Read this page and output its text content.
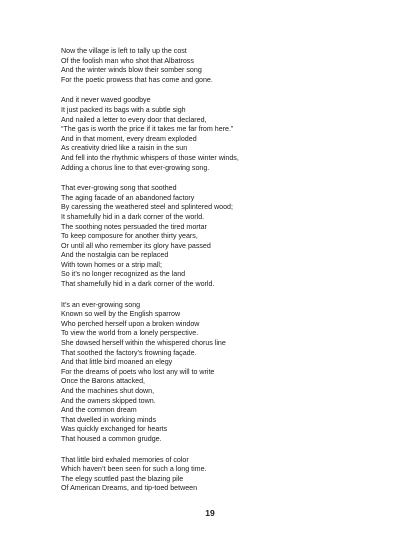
Now the village is left to tally up the cost
Of the foolish man who shot that Albatross
And the winter winds blow their somber song
For the poetic prowess that has come and gone.
And it never waved goodbye
It just packed its bags with a subtle sigh
And nailed a letter to every door that declared,
“The gas is worth the price if it takes me far from here.”
And in that moment, every dream exploded
As creativity dried like a raisin in the sun
And fell into the rhythmic whispers of those winter winds,
Adding a chorus line to that ever-growing song.
That ever-growing song that soothed
The aging facade of an abandoned factory
By caressing the weathered steel and splintered wood;
It shamefully hid in a dark corner of the world.
The soothing notes persuaded the tired mortar
To keep composure for another thirty years,
Or until all who remember its glory have passed
And the nostalgia can be replaced
With town homes or a strip mall;
So it’s no longer recognized as the land
That shamefully hid in a dark corner of the world.
It’s an ever-growing song
Known so well by the English sparrow
Who perched herself upon a broken window
To view the world from a lonely perspective.
She dowsed herself within the whispered chorus line
That soothed the factory’s frowning façade.
And that little bird moaned an elegy
For the dreams of poets who lost any will to write
Once the Barons attacked,
And the machines shut down,
And the owners skipped town.
And the common dream
That dwelled in working minds
Was quickly exchanged for hearts
That housed a common grudge.
That little bird exhaled memories of color
Which haven’t been seen for such a long time.
The elegy scuttled past the blazing pile
Of American Dreams, and tip-toed between
19
